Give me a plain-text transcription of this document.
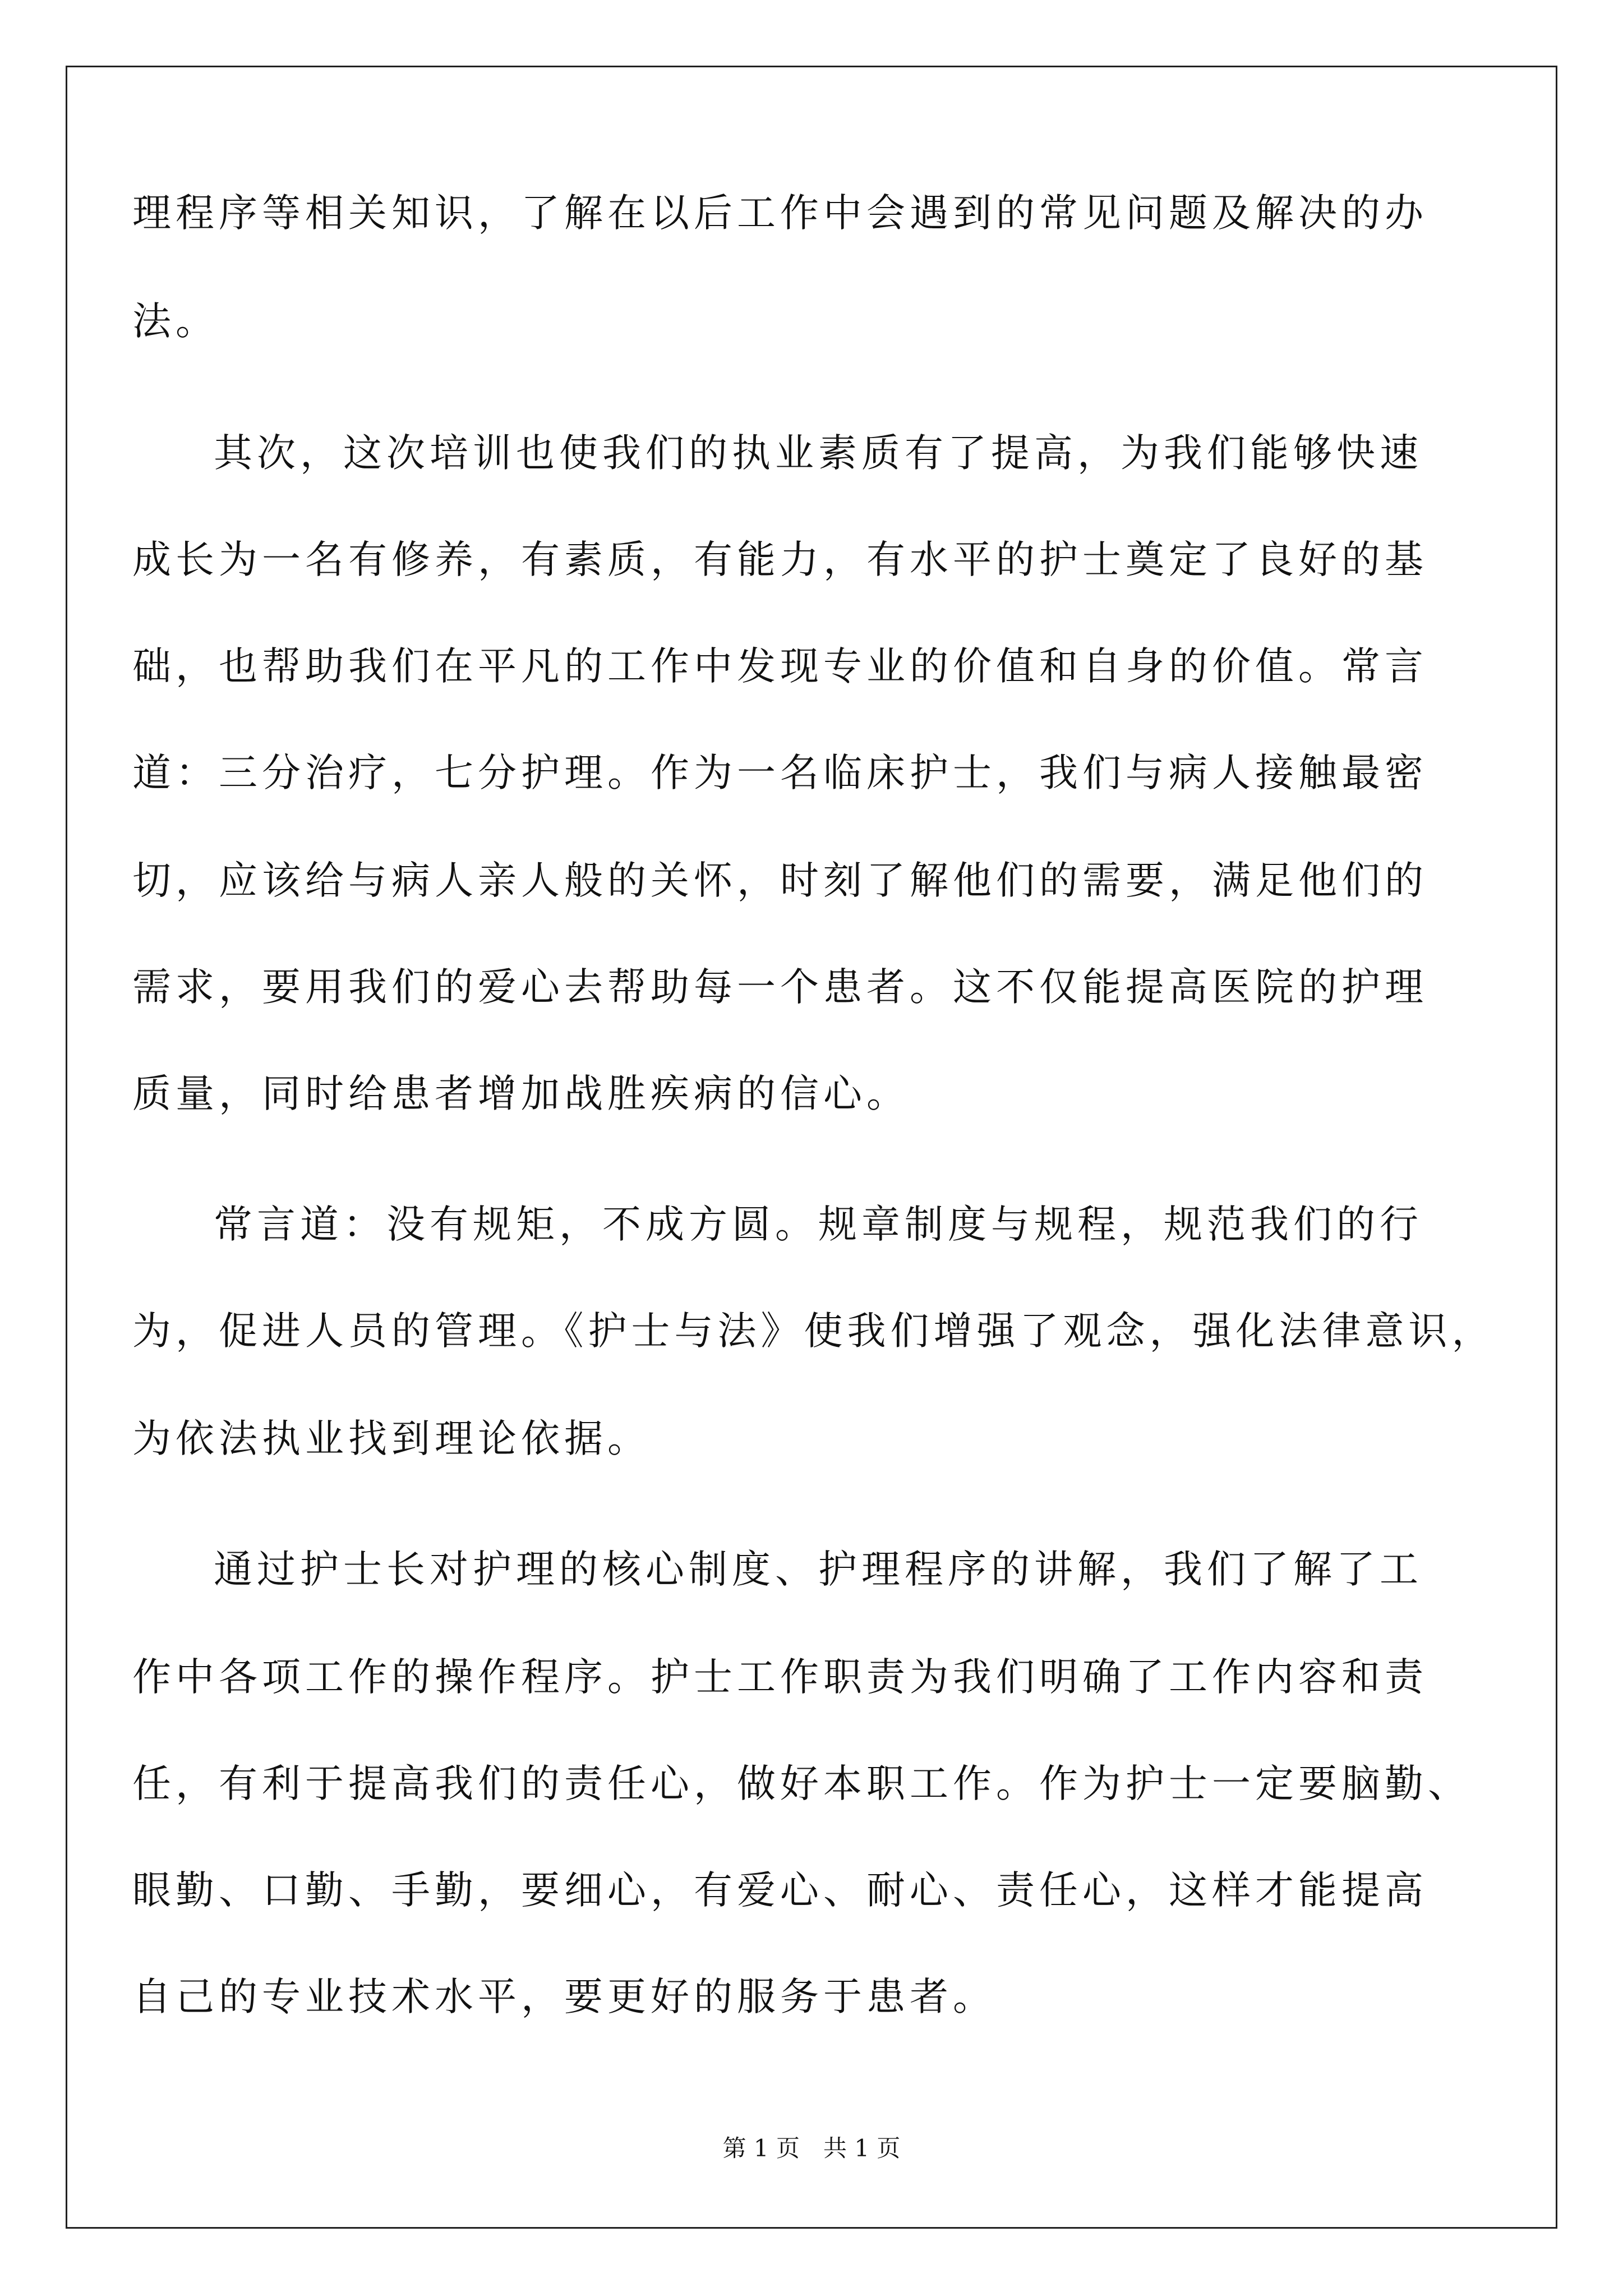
理程序等相关知识，了解在以后工作中会遇到的常见问题及解决的办
法。
其次，这次培训也使我们的执业素质有了提高，为我们能够快速
成长为一名有修养，有素质，有能力，有水平的护士奠定了良好的基
础，也帮助我们在平凡的工作中发现专业的价值和自身的价值。常言
道：三分治疗，七分护理。作为一名临床护士，我们与病人接触最密
切，应该给与病人亲人般的关怀，时刻了解他们的需要，满足他们的
需求，要用我们的爱心去帮助每一个患者。这不仅能提高医院的护理
质量，同时给患者增加战胜疾病的信心。
常言道：没有规矩，不成方圆。规章制度与规程，规范我们的行
为，促进人员的管理。《护士与法》使我们增强了观念，强化法律意识，
为依法执业找到理论依据。
通过护士长对护理的核心制度、护理程序的讲解，我们了解了工
作中各项工作的操作程序。护士工作职责为我们明确了工作内容和责
任，有利于提高我们的责任心，做好本职工作。作为护士一定要脑勤、
眼勤、口勤、手勤，要细心，有爱心、耐心、责任心，这样才能提高
自己的专业技术水平，要更好的服务于患者。
第 1 页　共 1 页
